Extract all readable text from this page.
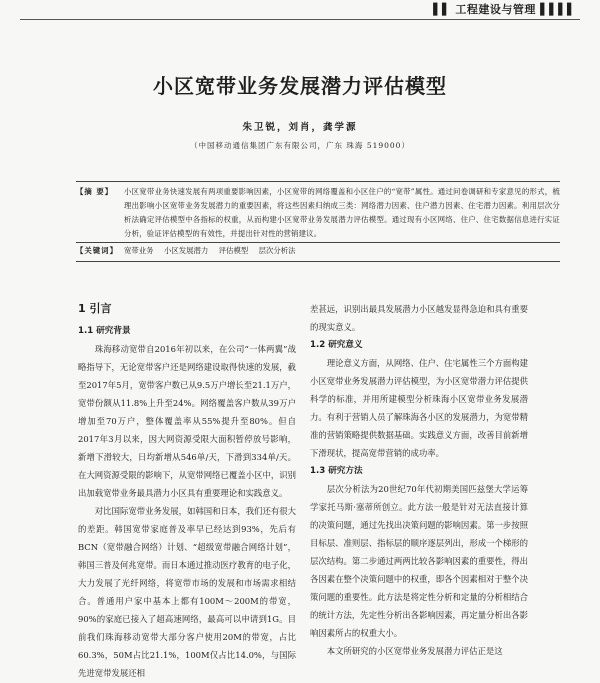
▌▌ 工程建设与管理 ▌▌▌▌
小区宽带业务发展潜力评估模型
朱卫锐，刘肖，龚学源
（中国移动通信集团广东有限公司，广东 珠海 519000）
【摘 要】	小区宽带业务快速发展有两项重要影响因素，小区宽带的网络覆盖和小区住户的“宽带”属性。通过问卷调研和专家意见的形式，梳理出影响小区宽带业务发展潜力的重要因素，将这些因素归纳成三类：网络潜力因素、住户潜力因素、住宅潜力因素。利用层次分析法确定评估模型中各指标的权重，从而构建小区宽带业务发展潜力评估模型。通过现有小区网络、住户、住宅数据信息进行实证分析，验证评估模型的有效性，并提出针对性的营销建议。
【关键词】 宽带业务 小区发展潜力 评估模型 层次分析法
1 引言
1.1 研究背景

珠海移动宽带自2016年初以来，在公司“一体两翼”战略指导下，无论宽带客户还是网络建设取得快速的发展，截至2017年5月，宽带客户数已从9.5万户增长至21.1万户，宽带份额从11.8%上升至24%。网络覆盖客户数从39万户增加至70万户，整体覆盖率从55%提升至80%。但自2017年3月以来，因大网资源受限大面积暂停放号影响，新增下滑较大，日均新增从546单/天，下滑到334单/天。在大网资源受限的影响下，从宽带网络已覆盖小区中，识别出加载宽带业务最具潜力小区具有重要理论和实践意义。

对比国际宽带业务发展，如韩国和日本，我们还有很大的差距。韩国宽带家庭普及率早已经达到93%，先后有BCN（宽带融合网络）计划、“超级宽带融合网络计划”，韩国三普及何兆宽带。而日本通过推动医疗教育的电子化，大力发展了光纤网络，将宽带市场的发展和市场需求相结合。普通用户家中基本上都有100M～200M的带宽，90%的家庭已接入了超高速网络，最高可以申请到1G。目前我们珠海移动宽带大部分客户使用20M的带宽，占比60.3%，50M占比21.1%，100M仅占比14.0%，与国际先进宽带发展还相

差甚远，识别出最具发展潜力小区越发显得急迫和具有重要的现实意义。

1.2 研究意义

理论意义方面，从网络、住户、住宅属性三个方面构建小区宽带业务发展潜力评估模型，为小区宽带潜力评估提供科学的标准，并用所建模型分析珠海小区宽带业务发展潜力。有利于营销人员了解珠海各小区的发展潜力，为宽带精准的营销策略提供数据基础。实践意义方面，改善目前新增下滑现状，提高宽带营销的成功率。

1.3 研究方法

层次分析法为20世纪70年代初期美国匹兹堡大学运筹学家托马斯·塞蒂所创立。此方法一般是针对无法直接计算的决策问题，通过先找出决策问题的影响因素。第一步按照目标层、准则层、指标层的顺序逐层列出，形成一个梯形的层次结构。第二步通过两两比较各影响因素的重要性，得出各因素在整个决策问题中的权重，即各个因素相对于整个决策问题的重要性。此方法是将定性分析和定量的分析相结合的统计方法，先定性分析出各影响因素，再定量分析出各影响因素所占的权重大小。

本文所研究的小区宽带业务发展潜力评估正是这
